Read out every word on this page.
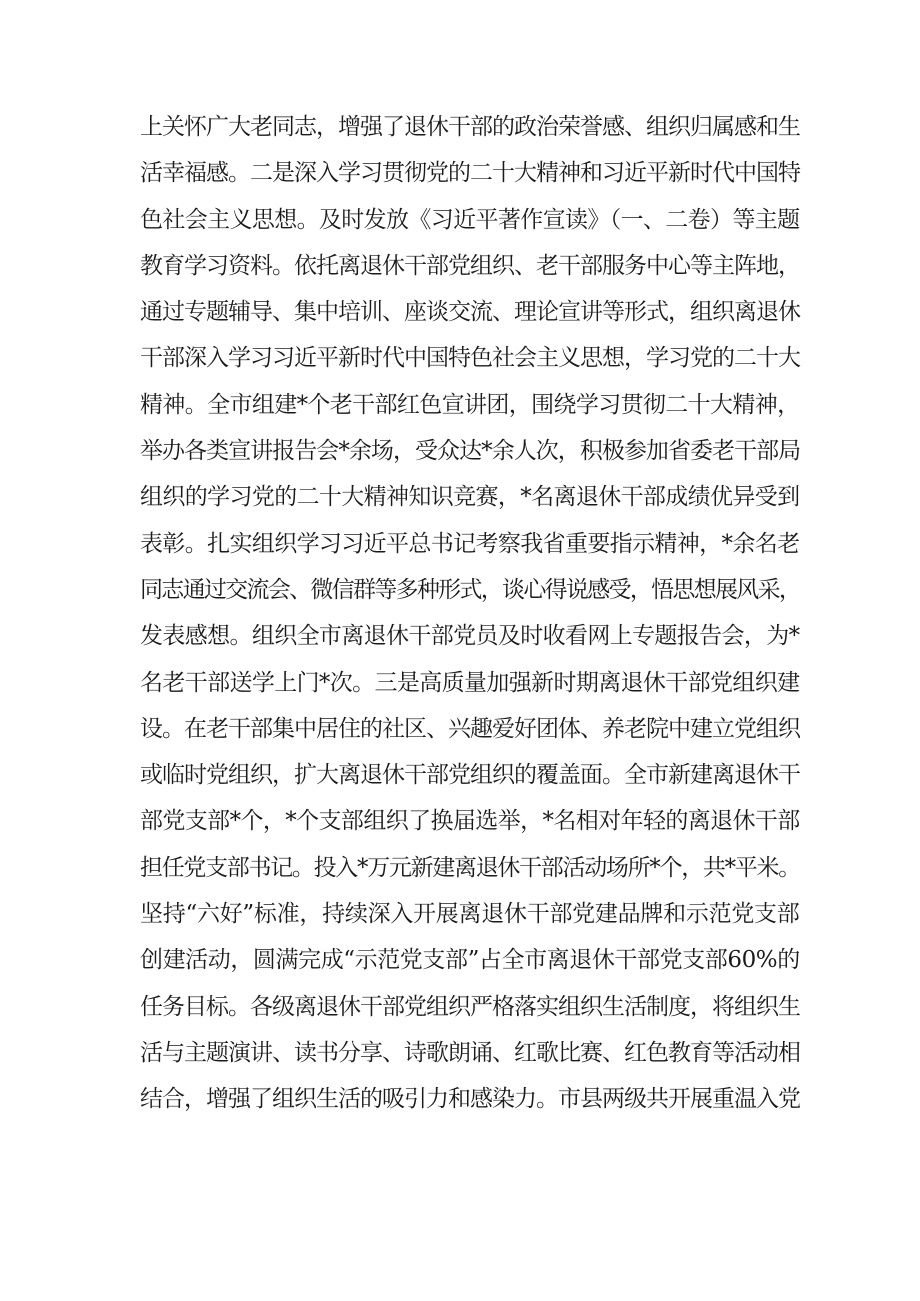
上关怀广大老同志，增强了退休干部的政治荣誉感、组织归属感和生
活幸福感。二是深入学习贯彻党的二十大精神和习近平新时代中国特
色社会主义思想。及时发放《习近平著作宣读》（一、二卷）等主题
教育学习资料。依托离退休干部党组织、老干部服务中心等主阵地，
通过专题辅导、集中培训、座谈交流、理论宣讲等形式，组织离退休
干部深入学习习近平新时代中国特色社会主义思想，学习党的二十大
精神。全市组建*个老干部红色宣讲团，围绕学习贯彻二十大精神，
举办各类宣讲报告会*余场，受众达*余人次，积极参加省委老干部局
组织的学习党的二十大精神知识竞赛，*名离退休干部成绩优异受到
表彰。扎实组织学习习近平总书记考察我省重要指示精神，*余名老
同志通过交流会、微信群等多种形式，谈心得说感受，悟思想展风采，
发表感想。组织全市离退休干部党员及时收看网上专题报告会，为*
名老干部送学上门*次。三是高质量加强新时期离退休干部党组织建
设。在老干部集中居住的社区、兴趣爱好团体、养老院中建立党组织
或临时党组织，扩大离退休干部党组织的覆盖面。全市新建离退休干
部党支部*个，*个支部组织了换届选举，*名相对年轻的离退休干部
担任党支部书记。投入*万元新建离退休干部活动场所*个，共*平米。
坚持“六好”标准，持续深入开展离退休干部党建品牌和示范党支部
创建活动，圆满完成“示范党支部”占全市离退休干部党支部60%的
任务目标。各级离退休干部党组织严格落实组织生活制度，将组织生
活与主题演讲、读书分享、诗歌朗诵、红歌比赛、红色教育等活动相
结合，增强了组织生活的吸引力和感染力。市县两级共开展重温入党
